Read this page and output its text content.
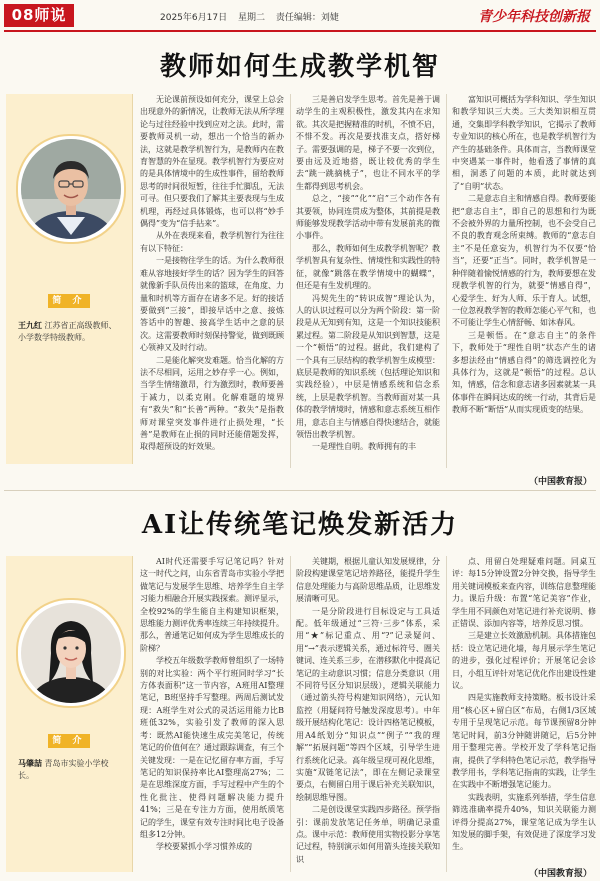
08师说	2025年6月17日 星期二 责任编辑：刘婕	青少年科技创新报
教师如何生成教学机智
简 介
王九红 江苏省正高级教师、小学数学特级教师。

无论课前预设如何充分，课堂上总会出现意外的新情况，让教师无法从所学理论与过往经验中找到应对之法。此时，需要教师灵机一动，想出一个恰当的新办法，这就是教学机智行为，是教师内在教育智慧的外在显现。教学机智行为要应对的是具体情境中的生成性事件，留给教师思考的时间很短暂，往往手忙脚乱，无法可寻。但只要我们了解其主要表现与生成机理，再经过具体锻炼，也可以将“妙手偶得”变为“信手拈来”。

从外在表现来看，教学机智行为往往有以下特征：

一是接物往学生的话。为什么教师很难从容地接好学生的话？因为学生的回答就像新手队员传出来的篮球，在角度、力量和时机等方面存在诸多不足。好的接话要做到“三接”，即接早话中之意、接炼答话中的智趣、接高学生话中之意的层次。这需要教师时刻保持警觉，做到既顾心领神又及时行动。

二是能化解突发难题。恰当化解的方法不尽相同，运用之妙存乎一心。例如，当学生情绪激昂，行为激烈时，教师要善于减力，以柔克刚。化解难题的境界有“救失”和“长善”两种。“救失”是指教师对课堂突发事件进行止损处理，“长善”是教师在止损的同时还能借题发挥，取得超预设的好效果。

三是善启发学生思考。首先是善于调动学生的主观积极性，激发其内在求知欲。其次是把握精准的时机，不愤不启，不悱不发。再次是要找准支点，搭好梯子。需要强调的是，梯子不要一次到位，要由远及近地搭，既让较优秀的学生去“跳一跳摘桃子”，也让不同水平的学生都得到思考机会。

总之，“接”“化”“启”三个动作各有其要领，协同连贯成为整体，其前提是教师能够发现教学活动中带有发展前兆的微小事件。

那么，教师如何生成教学机智呢？教学机智具有复杂性、情境性和实践性的特征，就像“跳落在教学情境中的蝴蝶”，但还是有生发机理的。

冯契先生的“转识成智”理论认为，人的认识过程可以分为两个阶段：第一阶段是从无知到有知，这是一个知识技能积累过程。第二阶段是从知识到智慧，这是一个“顿悟”的过程。据此，我们建构了一个具有三层结构的教学机智生成模型：底层是教师的知识系统（包括理论知识和实践经验），中层是情感系统和信念系统，上层是教学机智。当教师面对某一具体的教学情境时，情感和意志系统互相作用，意志自主与情感自得快速结合，就能领悟出教学机智。

一是理性自明。教师拥有的丰

富知识可概括为学科知识、学生知识和教学知识三大类。三大类知识相互贯通，交集即学科教学知识，它揭示了教师专业知识的核心所在，也是教学机智行为产生的基础条件。具体而言，当教师课堂中突遇某一事件时，他看透了事情的真相，洞悉了问题的本质，此时就达到了“自明”状态。

二是意志自主和情感自得。教师要能把“意志自主”，即自己的思想和行为既不会被外界的力量所控制，也不会受自己不良的教育观念所束缚。教师的“意志自主”不是任意妄为，机智行为不仅要“恰当”，还要“正当”。同时，教学机智是一种伴随着愉悦情感的行为，教师要想在发现教学机智的行为，就要“情感自得”，心爱学生、好为人师、乐于育人。试想，一位忽视教学智的教师怎能心平气和，也不可能让学生心情舒畅、如沐春风。

三是顿悟。在“意志自主”的条件下，教师处于“理性自明”状态产生的诸多想法经由“情感自得”的筛选调控化为具体行为，这就是“顿悟”的过程。总认知，情感，信念和意志诸多因素就某一具体事件在瞬间达成的统一行动，其背后是教师不断“断悟”从而实现质变的结果。

（中国教育报）
AI让传统笔记焕发新活力
简 介
马肇喆 青岛市实验小学校长。

AI时代还需要手写记笔记吗？针对这一时代之问，山东省青岛市实验小学把做笔记与发展学生思维、培养学生自主学习能力相融合开展实践探索。测评显示，全校92%的学生能自主构建知识框架，思维能力测评优秀率连续三年持续提升。那么，普通笔记如何成为学生思维成长的阶梯？

学校五年级数学教师曾组织了一场特别的对比实验：两个平行班同时学习“长方体表面积”这一节内容，A班用AI整理笔记，B班坚持手写整理。两周后测试发现：A班学生对公式的灵活运用能力比B班低32%，实验引发了教师的深入思考：既然AI能快速生成完美笔记，传统笔记的价值何在？通过跟踪调查，有三个关键发现：一是在记忆留存率方面，手写笔记的知识保持率比AI整理高27%；二是在思维深度方面，手写过程中产生的个性化批注、使得问题解决能力提升41%；三是在专注力方面，使用纸质笔记的学生，课堂有效专注时间比电子设备组多12分钟。

学校要紧抓小学习惯养成的

关键期，根据儿童认知发展规律，分阶段构建课堂笔记培养路径，能提升学生信息处理能力与高阶思维品质，让思维发展清晰可见。

一是分阶段进行目标设定与工具适配。低年级通过“三符·三步”体系，采用“★”标记重点、用“?”记录疑问、用“→”表示逻辑关系，通过标符号、圈关键词、连关系三步，在潜移默化中提高记笔记的主动意识习惯；信息分类意识（用不同符号区分知识层级），逻辑关联能力（通过箭头符号构建知识网络），元认知监控（用疑问符号触发深度思考）。中年级开展结构化笔记：设计四格笔记模板，用A4纸划分“知识点”“例子”“我的理解”“拓展问题”等四个区域，引导学生进行系统化记录。高年级呈现可视化思维，实施“双链笔记法”，即在左侧记录课堂要点，右侧留白用于课后补充关联知识，绘制思维导图。

二是创设课堂实践四步路径。预学指引：课前发放笔记任务单，明确记录重点。课中示范：教师使用实物投影分享笔记过程，特别演示如何用箭头连接关联知识

点、用留白处理疑难问题。同桌互评：每15分钟设置2分钟交换，指导学生用关键词模板来查内容，训练信息整理能力。课后升级：布置“笔记美容”作业，学生用不同颜色对笔记进行补充说明、修正错误、添加内容等，培养反思习惯。

三是建立长效激励机制。具体措施包括：设立笔记进化墙，每月展示学生笔记的进步，强化过程评价；开展笔记会诊日，小组互评针对笔记优化作出建设性建议。

四是实施教师支持策略。板书设计采用“核心区+留白区”布局，右侧1/3区域专用于呈现笔记示范。每节课预留8分钟笔记时间，前3分钟随讲随记，后5分钟用于整理完善。学校开发了学科笔记指南，提供了学科特色笔记示范，教学指导教学用书，学科笔记指南的实践，让学生在实践中不断增强笔记能力。

实践表明，实施系列举措，学生信息筛选准确率提升40%，知识关联能力测评得分提高27%，课堂笔记成为学生认知发展的脚手架，有效促进了深度学习发生。

（中国教育报）
